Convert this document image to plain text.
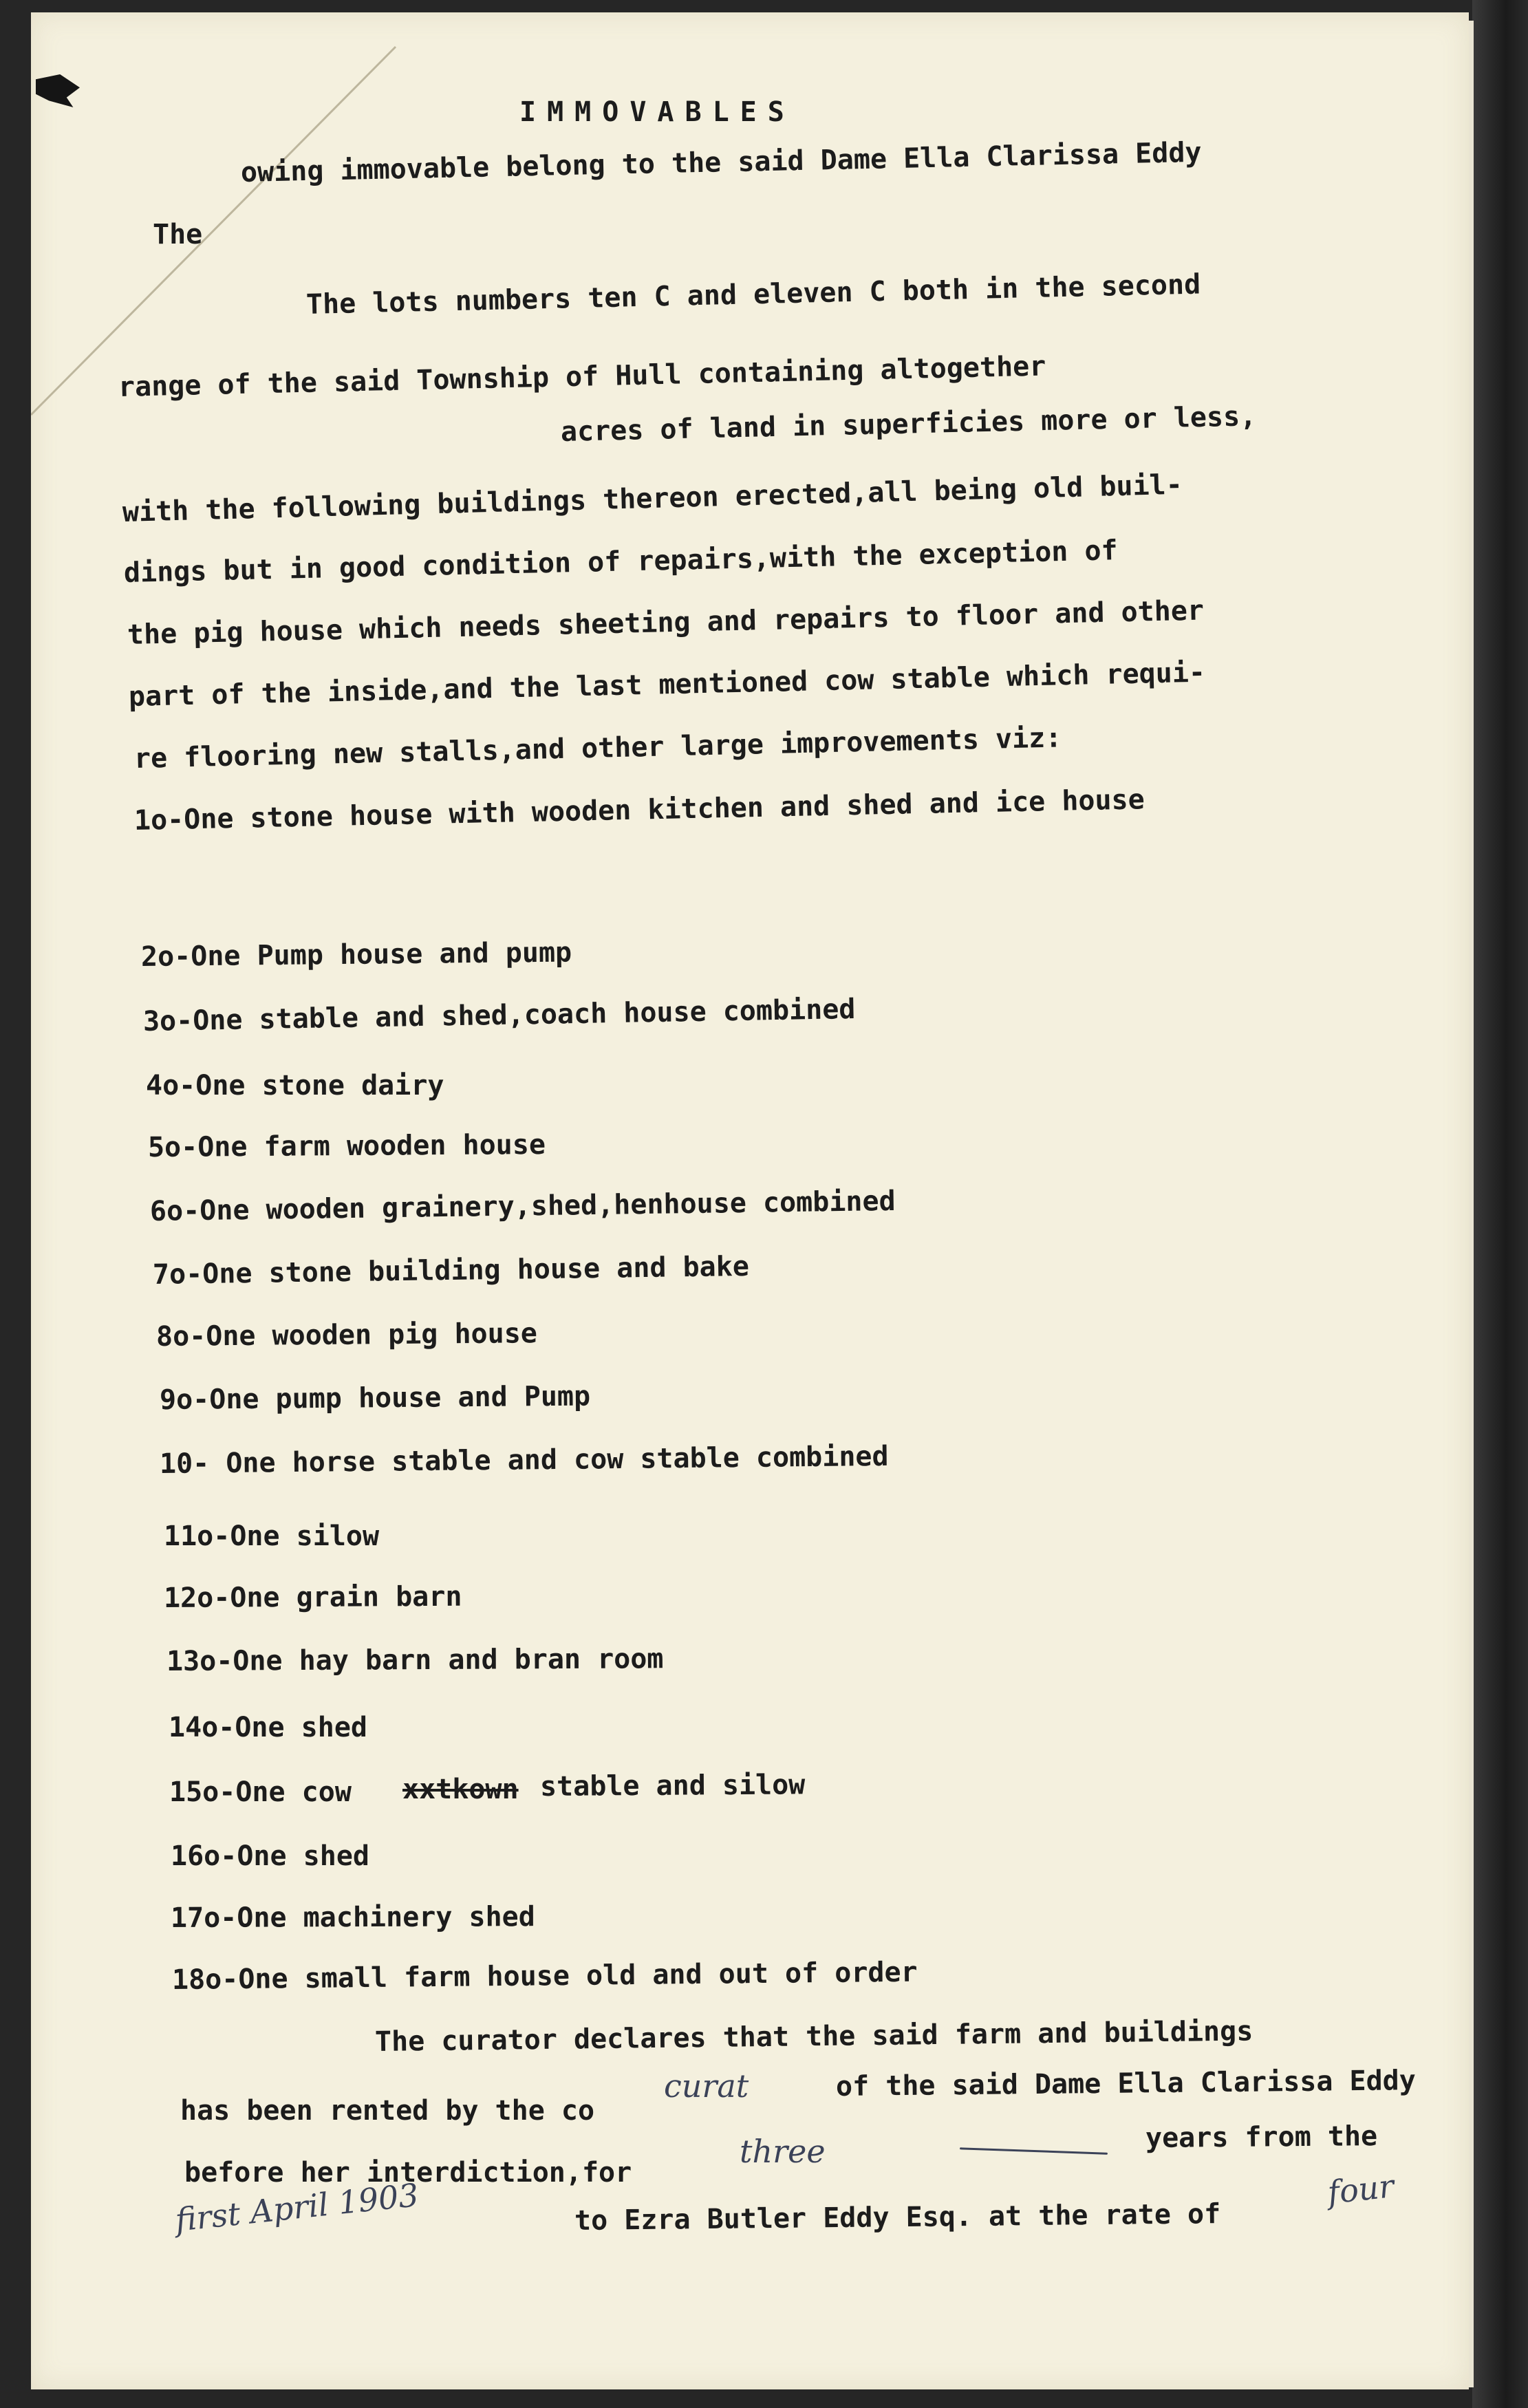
IMMOVABLES

owing immovable belong to the said Dame Ella Clarissa Eddy

The

The lots numbers ten C and eleven C both in the second

range of the said Township of Hull containing altogether

acres of land in superficies more or less,

with the following buildings thereon erected,all being old buil-

dings but in good condition of repairs,with the exception of

the pig house which needs sheeting and repairs to floor and other

part of the inside,and the last mentioned cow stable which requi-

re flooring new stalls,and other large improvements viz:

1o-One stone house with wooden kitchen and shed and ice house

2o-One Pump house and pump

3o-One stable and shed,coach house combined

4o-One stone dairy

5o-One farm wooden house

6o-One wooden grainery,shed,henhouse combined

7o-One stone building house and bake

8o-One wooden pig house

9o-One pump house and Pump

10- One horse stable and cow stable combined

11o-One silow

12o-One grain barn

13o-One hay barn and bran room

14o-One shed

15o-One cow xxtkown stable and silow

16o-One shed

17o-One machinery shed

18o-One small farm house old and out of order

The curator declares that the said farm and buildings

has been rented by the co

curat	of the said Dame Ella Clarissa Eddy

before her interdiction,for

three	years from the

first April 1903	to Ezra Butler Eddy Esq. at the rate of

four
